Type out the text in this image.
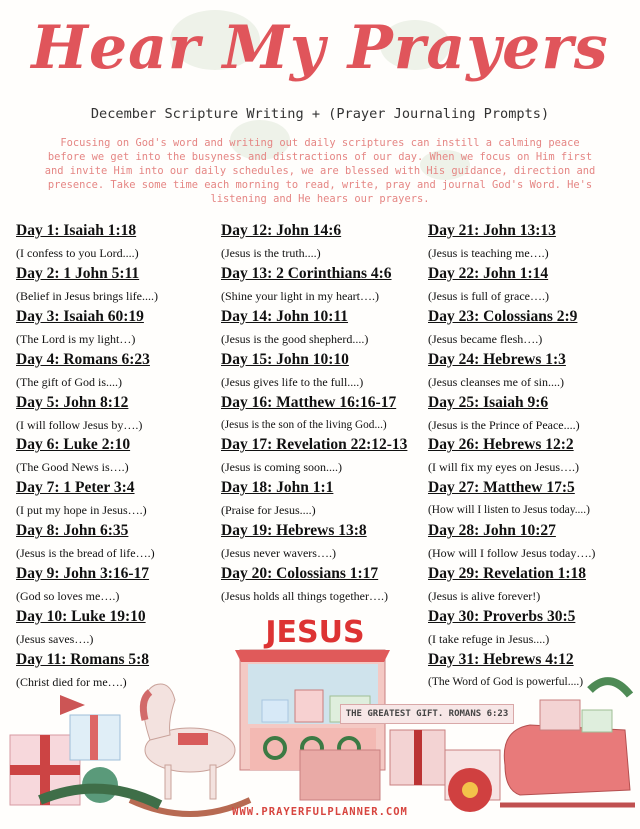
Hear My Prayers
December Scripture Writing + (Prayer Journaling Prompts)

Focusing on God's word and writing out daily scriptures can instill a calming peace before we get into the busyness and distractions of our day. When we focus on Him first and invite Him into our daily schedules, we are blessed with His guidance, direction and presence. Take some time each morning to read, write, pray and journal God's Word. He's listening and He hears our prayers.

Day 1: Isaiah 1:18
(I confess to you Lord....)
Day 2: 1 John 5:11
(Belief in Jesus brings life....)
Day 3: Isaiah 60:19
(The Lord is my light…)
Day 4: Romans 6:23
(The gift of God is....)
Day 5: John 8:12
(I will follow Jesus by….)
Day 6: Luke 2:10
(The Good News is….)
Day 7: 1 Peter 3:4
(I put my hope in Jesus….)
Day 8: John 6:35
(Jesus is the bread of life….)
Day 9: John 3:16-17
(God so loves me….)
Day 10: Luke 19:10
(Jesus saves….)
Day 11: Romans 5:8
(Christ died for me….)
Day 12: John 14:6
(Jesus is the truth....)
Day 13: 2 Corinthians 4:6
(Shine your light in my heart….)
Day 14: John 10:11
(Jesus is the good shepherd....)
Day 15: John 10:10
(Jesus gives life to the full....)
Day 16: Matthew 16:16-17
(Jesus is the son of the living God...)
Day 17: Revelation 22:12-13
(Jesus is coming soon....)
Day 18: John 1:1
(Praise for Jesus....)
Day 19: Hebrews 13:8
(Jesus never wavers….)
Day 20: Colossians 1:17
(Jesus holds all things together….)
Day 21: John 13:13
(Jesus is teaching me….)
Day 22: John 1:14
(Jesus is full of grace….)
Day 23: Colossians 2:9
(Jesus became flesh….)
Day 24: Hebrews 1:3
(Jesus cleanses me of sin....)
Day 25: Isaiah 9:6
(Jesus is the Prince of Peace....)
Day 26: Hebrews 12:2
(I will fix my eyes on Jesus….)
Day 27: Matthew 17:5
(How will I listen to Jesus today....)
Day 28: John 10:27
(How will I follow Jesus today….)
Day 29: Revelation 1:18
(Jesus is alive forever!)
Day 30: Proverbs 30:5
(I take refuge in Jesus....)
Day 31: Hebrews 4:12
(The Word of God is powerful....)
JESUS
THE GREATEST GIFT. ROMANS 6:23
WWW.PRAYERFULPLANNER.COM
